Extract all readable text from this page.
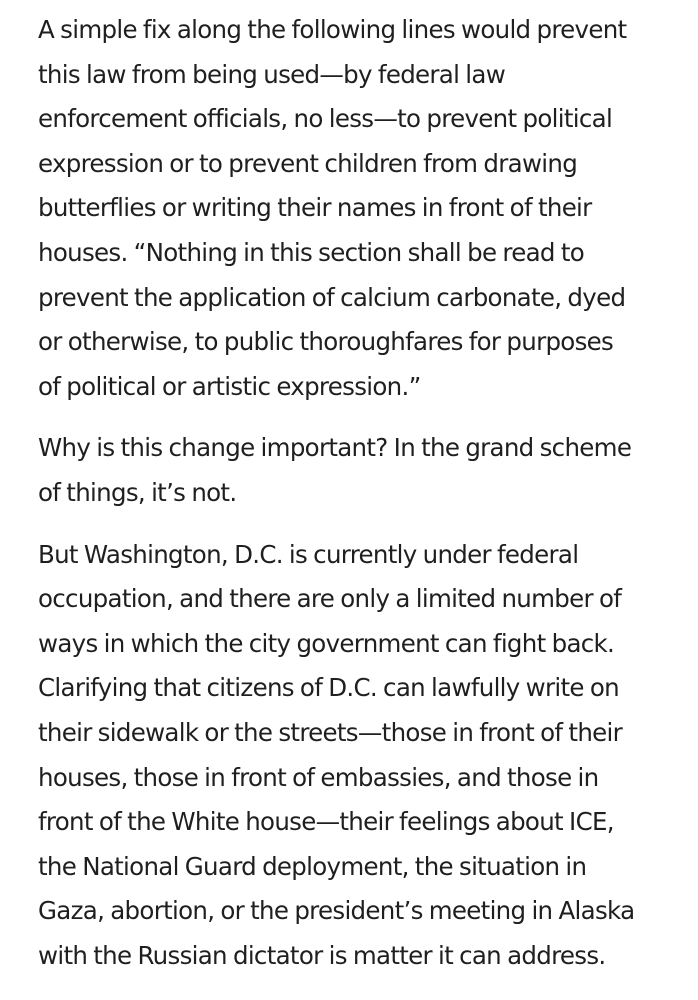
A simple fix along the following lines would prevent
this law from being used—by federal law
enforcement officials, no less—to prevent political
expression or to prevent children from drawing
butterflies or writing their names in front of their
houses. “Nothing in this section shall be read to
prevent the application of calcium carbonate, dyed
or otherwise, to public thoroughfares for purposes
of political or artistic expression.”

Why is this change important? In the grand scheme
of things, it’s not.

But Washington, D.C. is currently under federal
occupation, and there are only a limited number of
ways in which the city government can fight back.
Clarifying that citizens of D.C. can lawfully write on
their sidewalk or the streets—those in front of their
houses, those in front of embassies, and those in
front of the White house—their feelings about ICE,
the National Guard deployment, the situation in
Gaza, abortion, or the president’s meeting in Alaska
with the Russian dictator is matter it can address.
